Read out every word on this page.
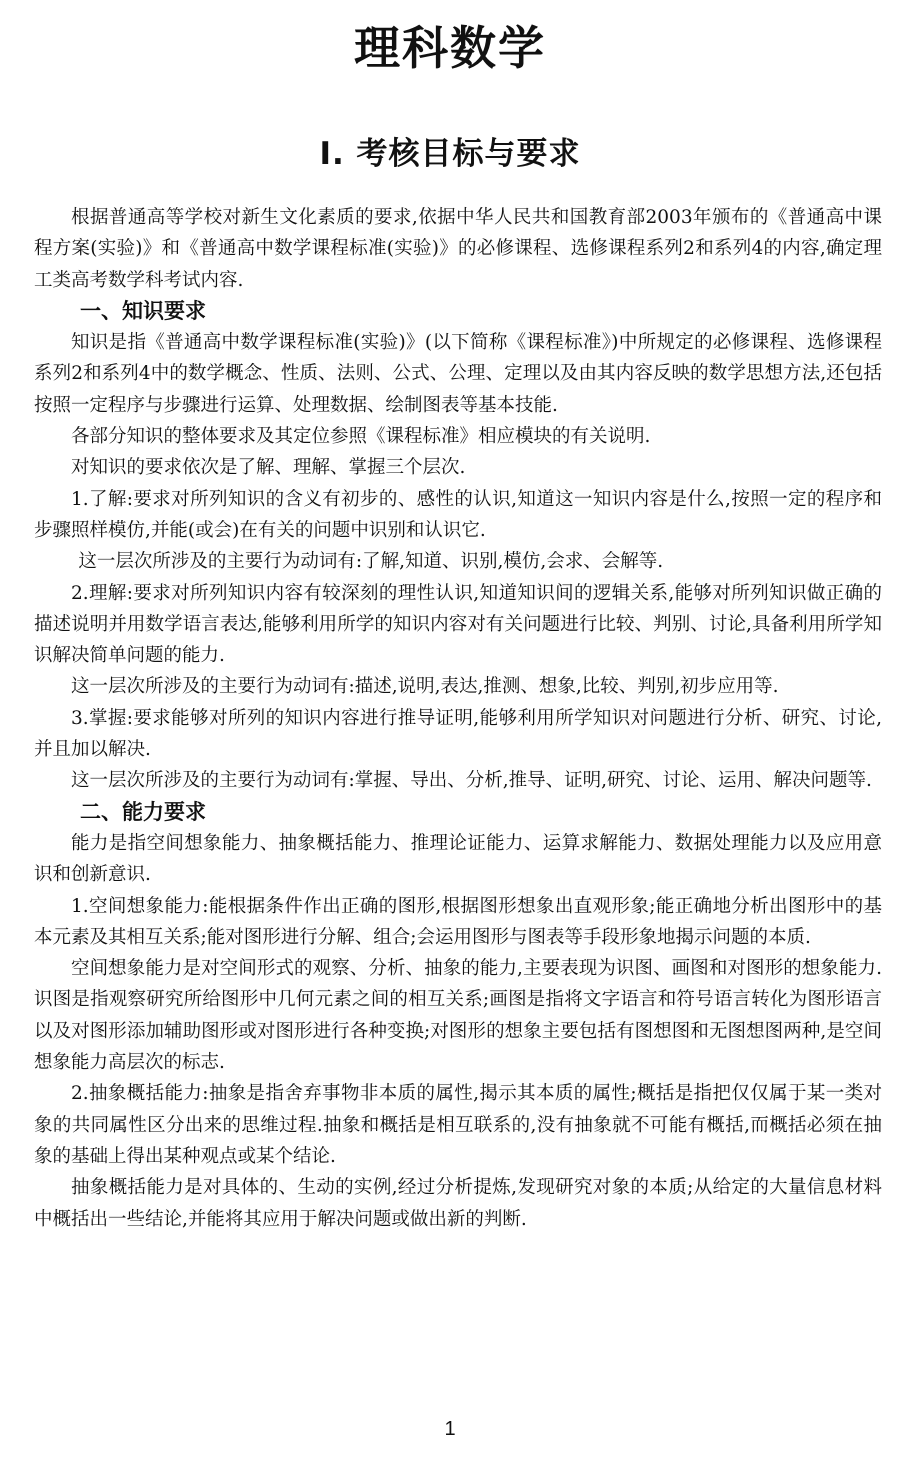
理科数学
Ⅰ. 考核目标与要求

根据普通高等学校对新生文化素质的要求,依据中华人民共和国教育部2003年颁布的《普通高中课程方案(实验)》和《普通高中数学课程标准(实验)》的必修课程、选修课程系列2和系列4的内容,确定理工类高考数学科考试内容.

一、知识要求

知识是指《普通高中数学课程标准(实验)》(以下简称《课程标准》)中所规定的必修课程、选修课程系列2和系列4中的数学概念、性质、法则、公式、公理、定理以及由其内容反映的数学思想方法,还包括按照一定程序与步骤进行运算、处理数据、绘制图表等基本技能.

各部分知识的整体要求及其定位参照《课程标准》相应模块的有关说明.

对知识的要求依次是了解、理解、掌握三个层次.

1.了解:要求对所列知识的含义有初步的、感性的认识,知道这一知识内容是什么,按照一定的程序和步骤照样模仿,并能(或会)在有关的问题中识别和认识它.

这一层次所涉及的主要行为动词有:了解,知道、识别,模仿,会求、会解等.

2.理解:要求对所列知识内容有较深刻的理性认识,知道知识间的逻辑关系,能够对所列知识做正确的描述说明并用数学语言表达,能够利用所学的知识内容对有关问题进行比较、判别、讨论,具备利用所学知识解决简单问题的能力.

这一层次所涉及的主要行为动词有:描述,说明,表达,推测、想象,比较、判别,初步应用等.

3.掌握:要求能够对所列的知识内容进行推导证明,能够利用所学知识对问题进行分析、研究、讨论,并且加以解决.

这一层次所涉及的主要行为动词有:掌握、导出、分析,推导、证明,研究、讨论、运用、解决问题等.

二、能力要求

能力是指空间想象能力、抽象概括能力、推理论证能力、运算求解能力、数据处理能力以及应用意识和创新意识.

1.空间想象能力:能根据条件作出正确的图形,根据图形想象出直观形象;能正确地分析出图形中的基本元素及其相互关系;能对图形进行分解、组合;会运用图形与图表等手段形象地揭示问题的本质.

空间想象能力是对空间形式的观察、分析、抽象的能力,主要表现为识图、画图和对图形的想象能力.识图是指观察研究所给图形中几何元素之间的相互关系;画图是指将文字语言和符号语言转化为图形语言以及对图形添加辅助图形或对图形进行各种变换;对图形的想象主要包括有图想图和无图想图两种,是空间想象能力高层次的标志.

2.抽象概括能力:抽象是指舍弃事物非本质的属性,揭示其本质的属性;概括是指把仅仅属于某一类对象的共同属性区分出来的思维过程.抽象和概括是相互联系的,没有抽象就不可能有概括,而概括必须在抽象的基础上得出某种观点或某个结论.

抽象概括能力是对具体的、生动的实例,经过分析提炼,发现研究对象的本质;从给定的大量信息材料中概括出一些结论,并能将其应用于解决问题或做出新的判断.

1
